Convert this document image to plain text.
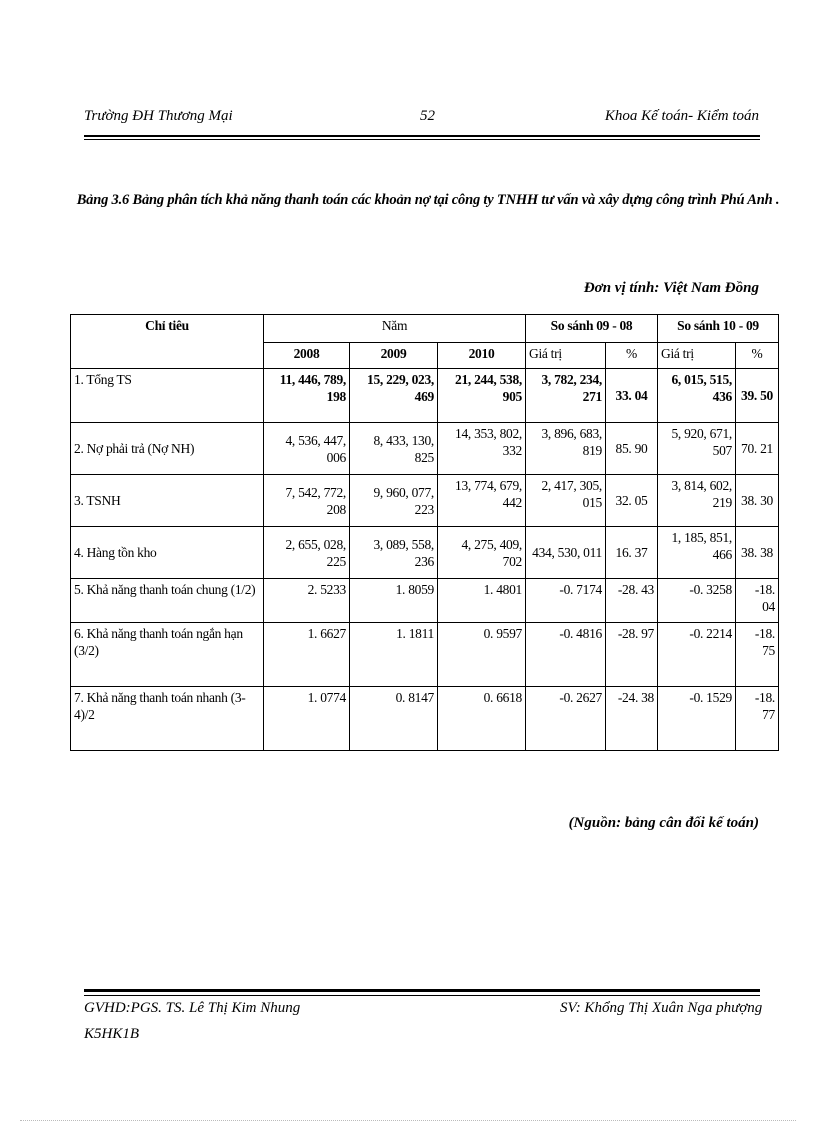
Trường ĐH Thương Mại	52	Khoa Kế toán- Kiểm toán
Bảng 3.6 Bảng phân tích khả năng thanh toán các khoản nợ tại công ty TNHH tư vấn và xây dựng công trình Phú Anh .
Đơn vị tính: Việt Nam Đồng
Chỉ tiêu	Năm			So sánh 09 - 08		So sánh 10 - 09	
	2008	2009	2010	Giá trị	%	Giá trị	%
1. Tổng TS	11, 446, 789, 198	15, 229, 023, 469	21, 244, 538, 905	3, 782, 234, 271	33. 04	6, 015, 515, 436	39. 50
2. Nợ phải trả (Nợ NH)	4, 536, 447, 006	8, 433, 130, 825	14, 353, 802, 332	3, 896, 683, 819	85. 90	5, 920, 671, 507	70. 21
3. TSNH	7, 542, 772, 208	9, 960, 077, 223	13, 774, 679, 442	2, 417, 305, 015	32. 05	3, 814, 602, 219	38. 30
4. Hàng tồn kho	2, 655, 028, 225	3, 089, 558, 236	4, 275, 409, 702	434, 530, 011	16. 37	1, 185, 851, 466	38. 38
5. Khả năng thanh toán chung (1/2)	2. 5233	1. 8059	1. 4801	-0. 7174	-28. 43	-0. 3258	-18. 04
6. Khả năng thanh toán ngắn hạn (3/2)	1. 6627	1. 1811	0. 9597	-0. 4816	-28. 97	-0. 2214	-18. 75
7. Khả năng thanh toán nhanh (3-4)/2	1. 0774	0. 8147	0. 6618	-0. 2627	-24. 38	-0. 1529	-18. 77
(Nguồn: bảng cân đối kế toán)
GVHD:PGS. TS. Lê Thị Kim Nhung
K5HK1B
SV: Khổng Thị Xuân Nga phượng
